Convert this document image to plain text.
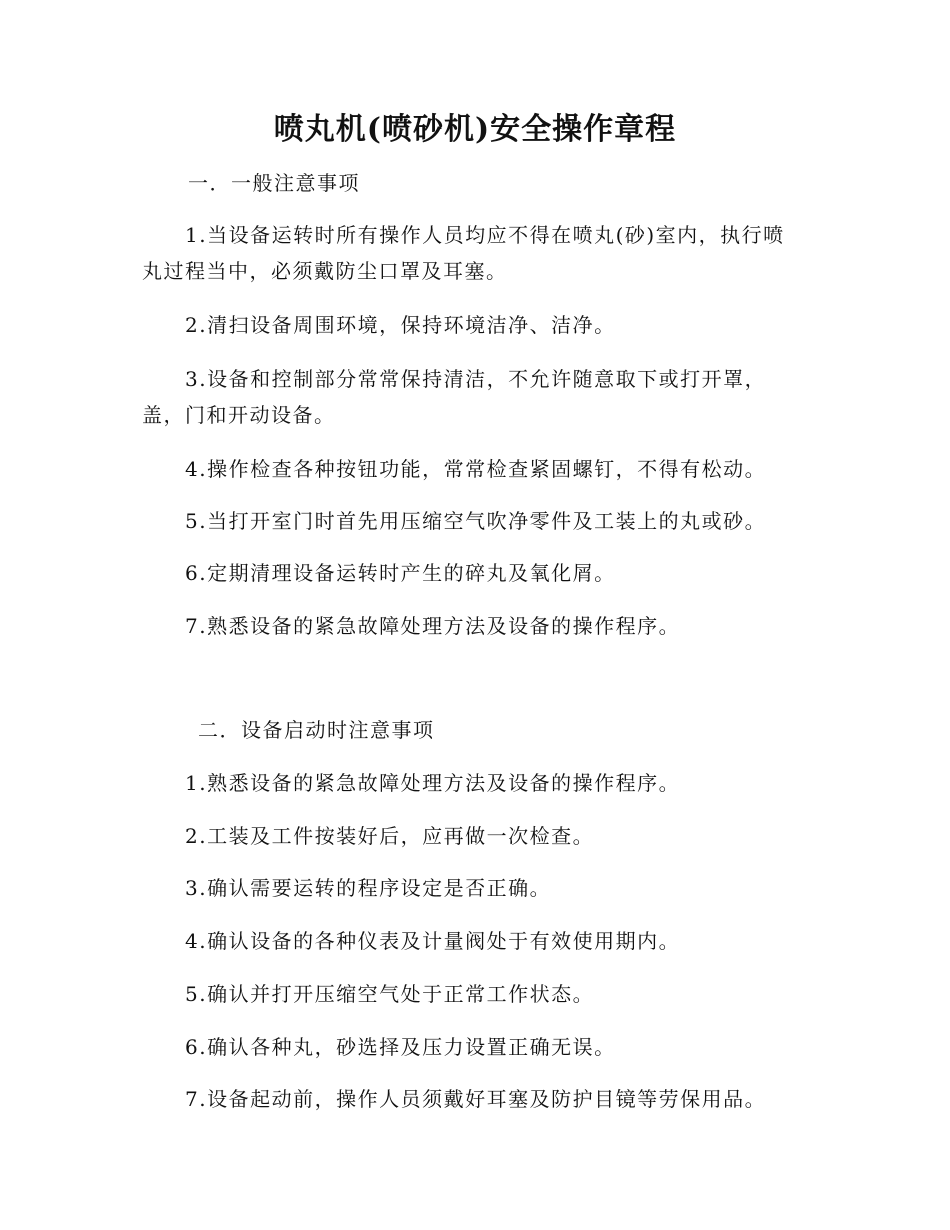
喷丸机(喷砂机)安全操作章程

一．一般注意事项

1.当设备运转时所有操作人员均应不得在喷丸(砂)室内，执行喷

丸过程当中，必须戴防尘口罩及耳塞。

2.清扫设备周围环境，保持环境洁净、洁净。

3.设备和控制部分常常保持清洁，不允许随意取下或打开罩，

盖，门和开动设备。

4.操作检查各种按钮功能，常常检查紧固螺钉，不得有松动。

5.当打开室门时首先用压缩空气吹净零件及工装上的丸或砂。

6.定期清理设备运转时产生的碎丸及氧化屑。

7.熟悉设备的紧急故障处理方法及设备的操作程序。

二．设备启动时注意事项

1.熟悉设备的紧急故障处理方法及设备的操作程序。

2.工装及工件按装好后，应再做一次检查。

3.确认需要运转的程序设定是否正确。

4.确认设备的各种仪表及计量阀处于有效使用期内。

5.确认并打开压缩空气处于正常工作状态。

6.确认各种丸，砂选择及压力设置正确无误。

7.设备起动前，操作人员须戴好耳塞及防护目镜等劳保用品。
